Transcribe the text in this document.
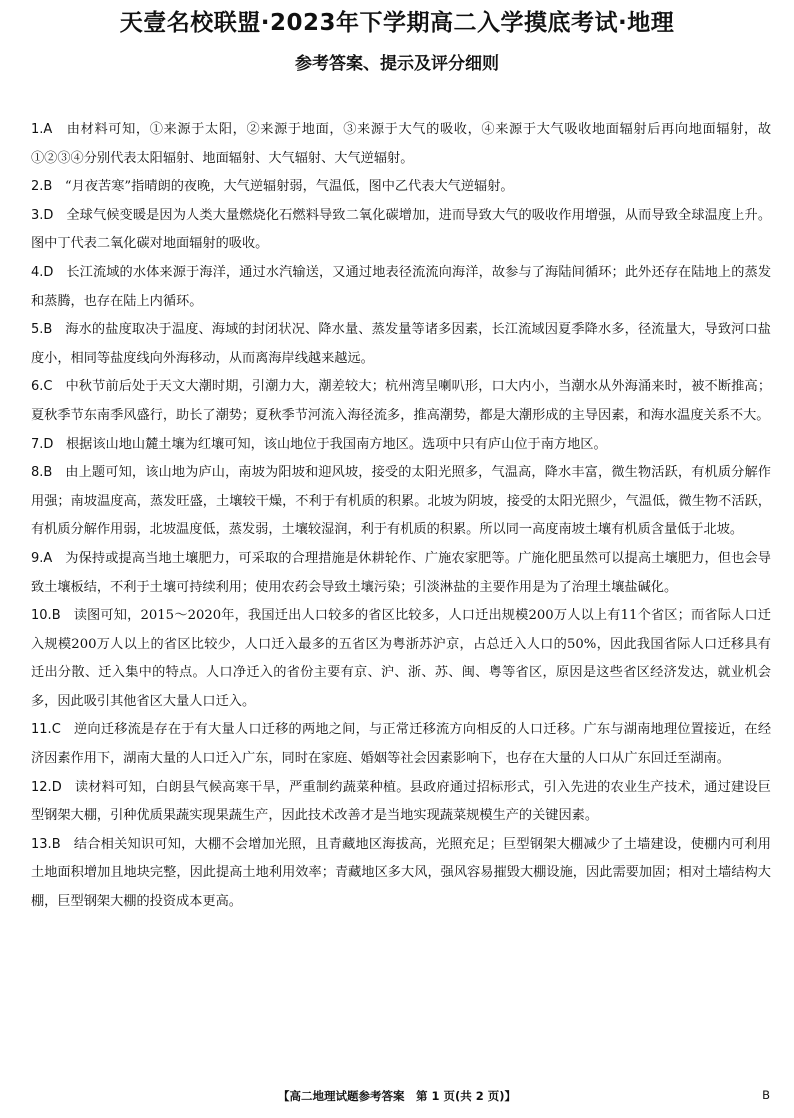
天壹名校联盟·2023年下学期高二入学摸底考试·地理
参考答案、提示及评分细则

1.A 由材料可知，①来源于太阳，②来源于地面，③来源于大气的吸收，④来源于大气吸收地面辐射后再向地面辐射，故①②③④分别代表太阳辐射、地面辐射、大气辐射、大气逆辐射。

2.B “月夜苦寒”指晴朗的夜晚，大气逆辐射弱，气温低，图中乙代表大气逆辐射。

3.D 全球气候变暖是因为人类大量燃烧化石燃料导致二氧化碳增加，进而导致大气的吸收作用增强，从而导致全球温度上升。图中丁代表二氧化碳对地面辐射的吸收。

4.D 长江流域的水体来源于海洋，通过水汽输送，又通过地表径流流向海洋，故参与了海陆间循环；此外还存在陆地上的蒸发和蒸腾，也存在陆上内循环。

5.B 海水的盐度取决于温度、海域的封闭状况、降水量、蒸发量等诸多因素，长江流域因夏季降水多，径流量大，导致河口盐度小，相同等盐度线向外海移动，从而离海岸线越来越远。

6.C 中秋节前后处于天文大潮时期，引潮力大，潮差较大；杭州湾呈喇叭形，口大内小，当潮水从外海涌来时，被不断推高；夏秋季节东南季风盛行，助长了潮势；夏秋季节河流入海径流多，推高潮势，都是大潮形成的主导因素，和海水温度关系不大。

7.D 根据该山地山麓土壤为红壤可知，该山地位于我国南方地区。选项中只有庐山位于南方地区。

8.B 由上题可知，该山地为庐山，南坡为阳坡和迎风坡，接受的太阳光照多，气温高，降水丰富，微生物活跃，有机质分解作用强；南坡温度高，蒸发旺盛，土壤较干燥，不利于有机质的积累。北坡为阴坡，接受的太阳光照少，气温低，微生物不活跃，有机质分解作用弱，北坡温度低，蒸发弱，土壤较湿润，利于有机质的积累。所以同一高度南坡土壤有机质含量低于北坡。

9.A 为保持或提高当地土壤肥力，可采取的合理措施是休耕轮作、广施农家肥等。广施化肥虽然可以提高土壤肥力，但也会导致土壤板结，不利于土壤可持续利用；使用农药会导致土壤污染；引淡淋盐的主要作用是为了治理土壤盐碱化。

10.B 读图可知，2015～2020年，我国迁出人口较多的省区比较多，人口迁出规模200万人以上有11个省区；而省际人口迁入规模200万人以上的省区比较少，人口迁入最多的五省区为粤浙苏沪京，占总迁入人口的50%，因此我国省际人口迁移具有迁出分散、迁入集中的特点。人口净迁入的省份主要有京、沪、浙、苏、闽、粤等省区，原因是这些省区经济发达，就业机会多，因此吸引其他省区大量人口迁入。

11.C 逆向迁移流是存在于有大量人口迁移的两地之间，与正常迁移流方向相反的人口迁移。广东与湖南地理位置接近，在经济因素作用下，湖南大量的人口迁入广东，同时在家庭、婚姻等社会因素影响下，也存在大量的人口从广东回迁至湖南。

12.D 读材料可知，白朗县气候高寒干旱，严重制约蔬菜种植。县政府通过招标形式，引入先进的农业生产技术，通过建设巨型钢架大棚，引种优质果蔬实现果蔬生产，因此技术改善才是当地实现蔬菜规模生产的关键因素。

13.B 结合相关知识可知，大棚不会增加光照，且青藏地区海拔高，光照充足；巨型钢架大棚减少了土墙建设，使棚内可利用土地面积增加且地块完整，因此提高土地利用效率；青藏地区多大风，强风容易摧毁大棚设施，因此需要加固；相对土墙结构大棚，巨型钢架大棚的投资成本更高。

【高二地理试题参考答案　第 1 页(共 2 页)】	B
